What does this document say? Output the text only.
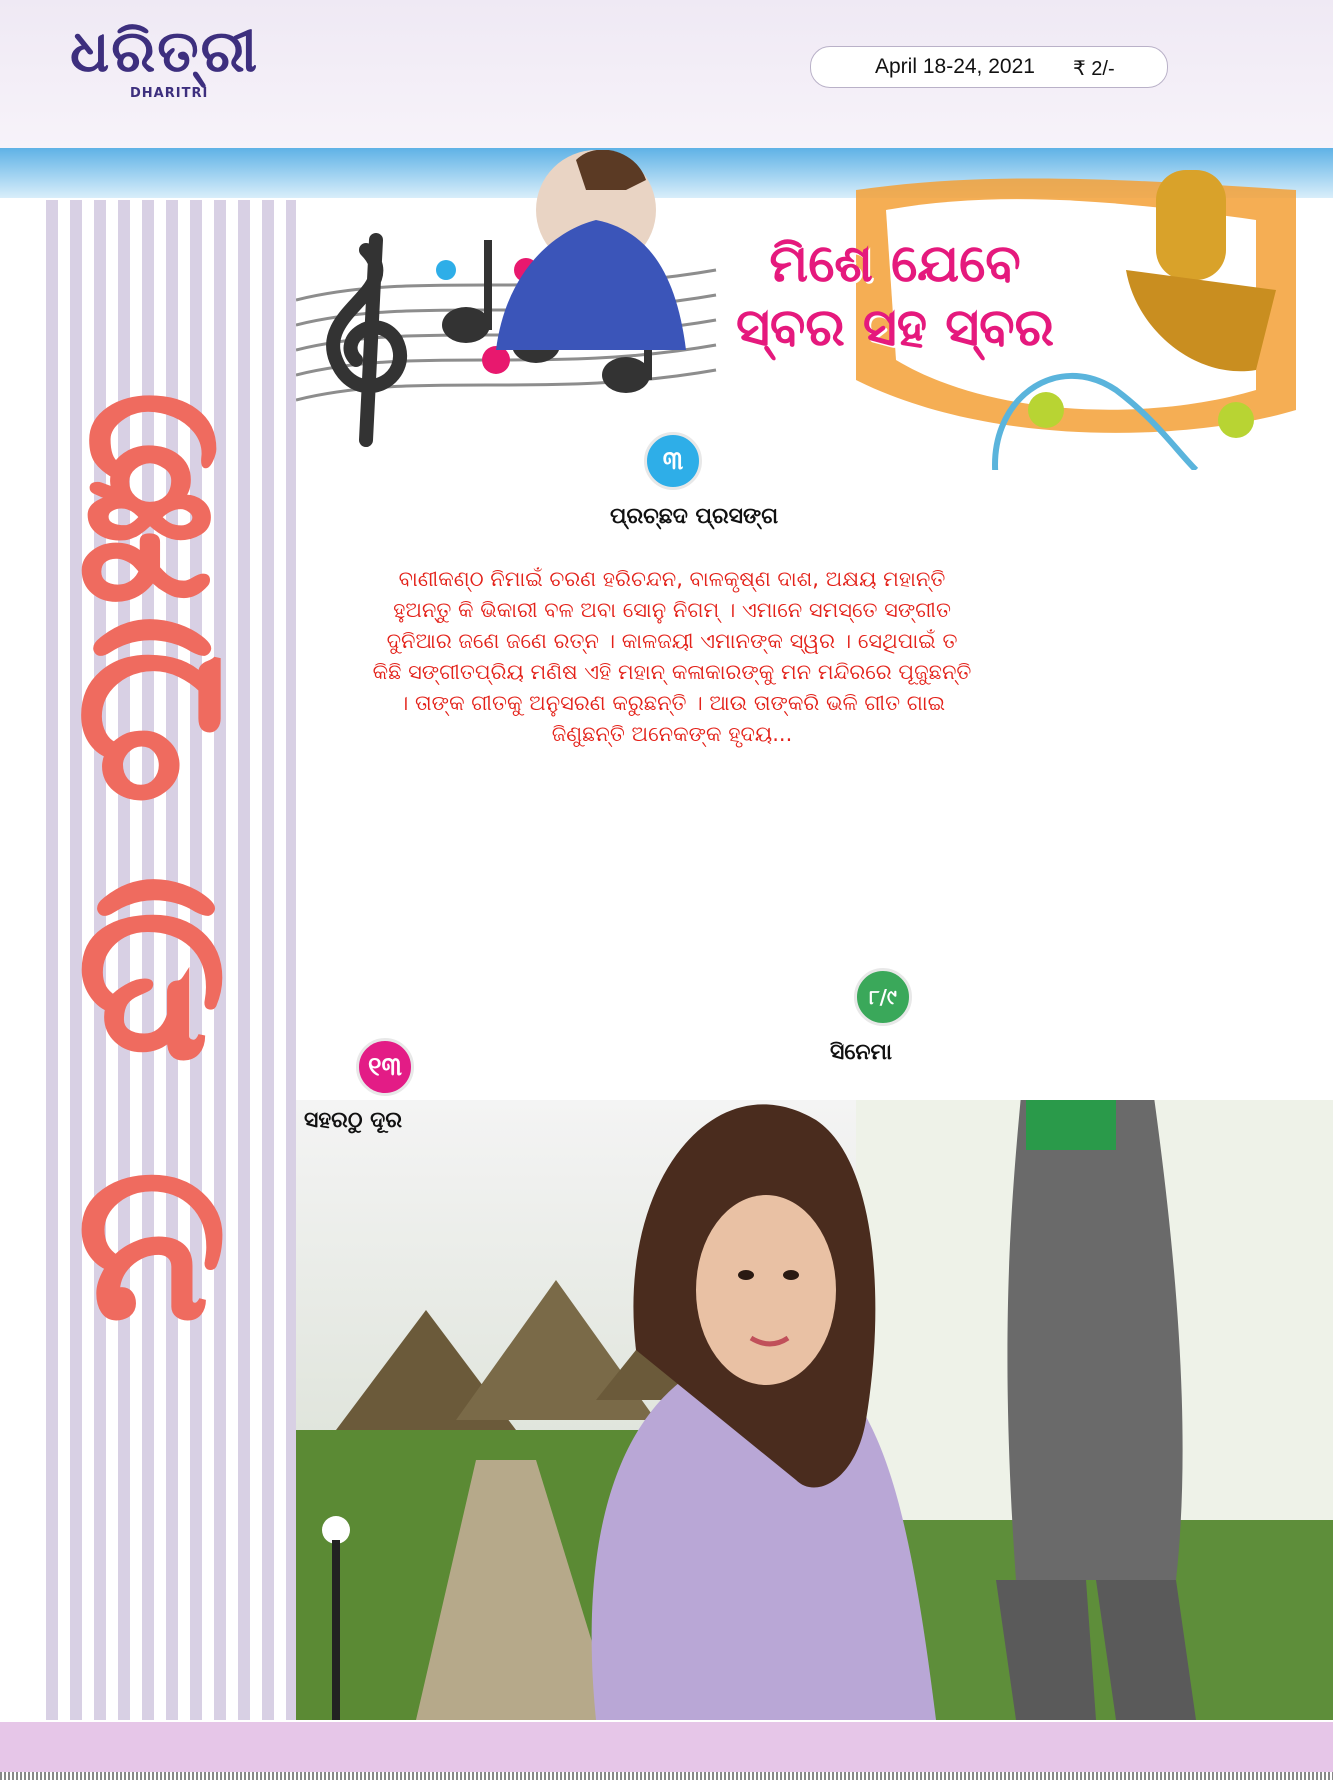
ଧରିତ୍ରୀ
DHARITRI
April 18-24, 2021 ₹ 2/-
ଛୁ
ଟି
ଦି
ନ
ମିଶେ ଯେବେ
ସ୍ବର ସହ ସ୍ବର
୩
ପ୍ରଚ୍ଛଦ ପ୍ରସଙ୍ଗ
ବାଣୀକଣ୍ଠ ନିମାଇଁ ଚରଣ ହରିଚନ୍ଦନ, ବାଳକୃଷ୍ଣ ଦାଶ, ଅକ୍ଷୟ ମହାନ୍ତି ହୁଅନ୍ତୁ କି ଭିକାରୀ ବଳ ଅବା ସୋନୁ ନିଗମ୍ । ଏମାନେ ସମସ୍ତେ ସଙ୍ଗୀତ ଦୁନିଆର ଜଣେ ଜଣେ ରତ୍ନ । କାଳଜୟୀ ଏମାନଙ୍କ ସ୍ୱର । ସେଥିପାଇଁ ତ କିଛି ସଙ୍ଗୀତପ୍ରିୟ ମଣିଷ ଏହି ମହାନ୍ କଳାକାରଙ୍କୁ ମନ ମନ୍ଦିରରେ ପୂଜୁଛନ୍ତି । ତାଙ୍କ ଗୀତକୁ ଅନୁସରଣ କରୁଛନ୍ତି । ଆଉ ତାଙ୍କରି ଭଳି ଗୀତ ଗାଇ ଜିଣୁଛନ୍ତି ଅନେକଙ୍କ ହୃଦୟ...
୮/୯
ସିନେମା
୧୩
ସହରଠୁ ଦୂର
